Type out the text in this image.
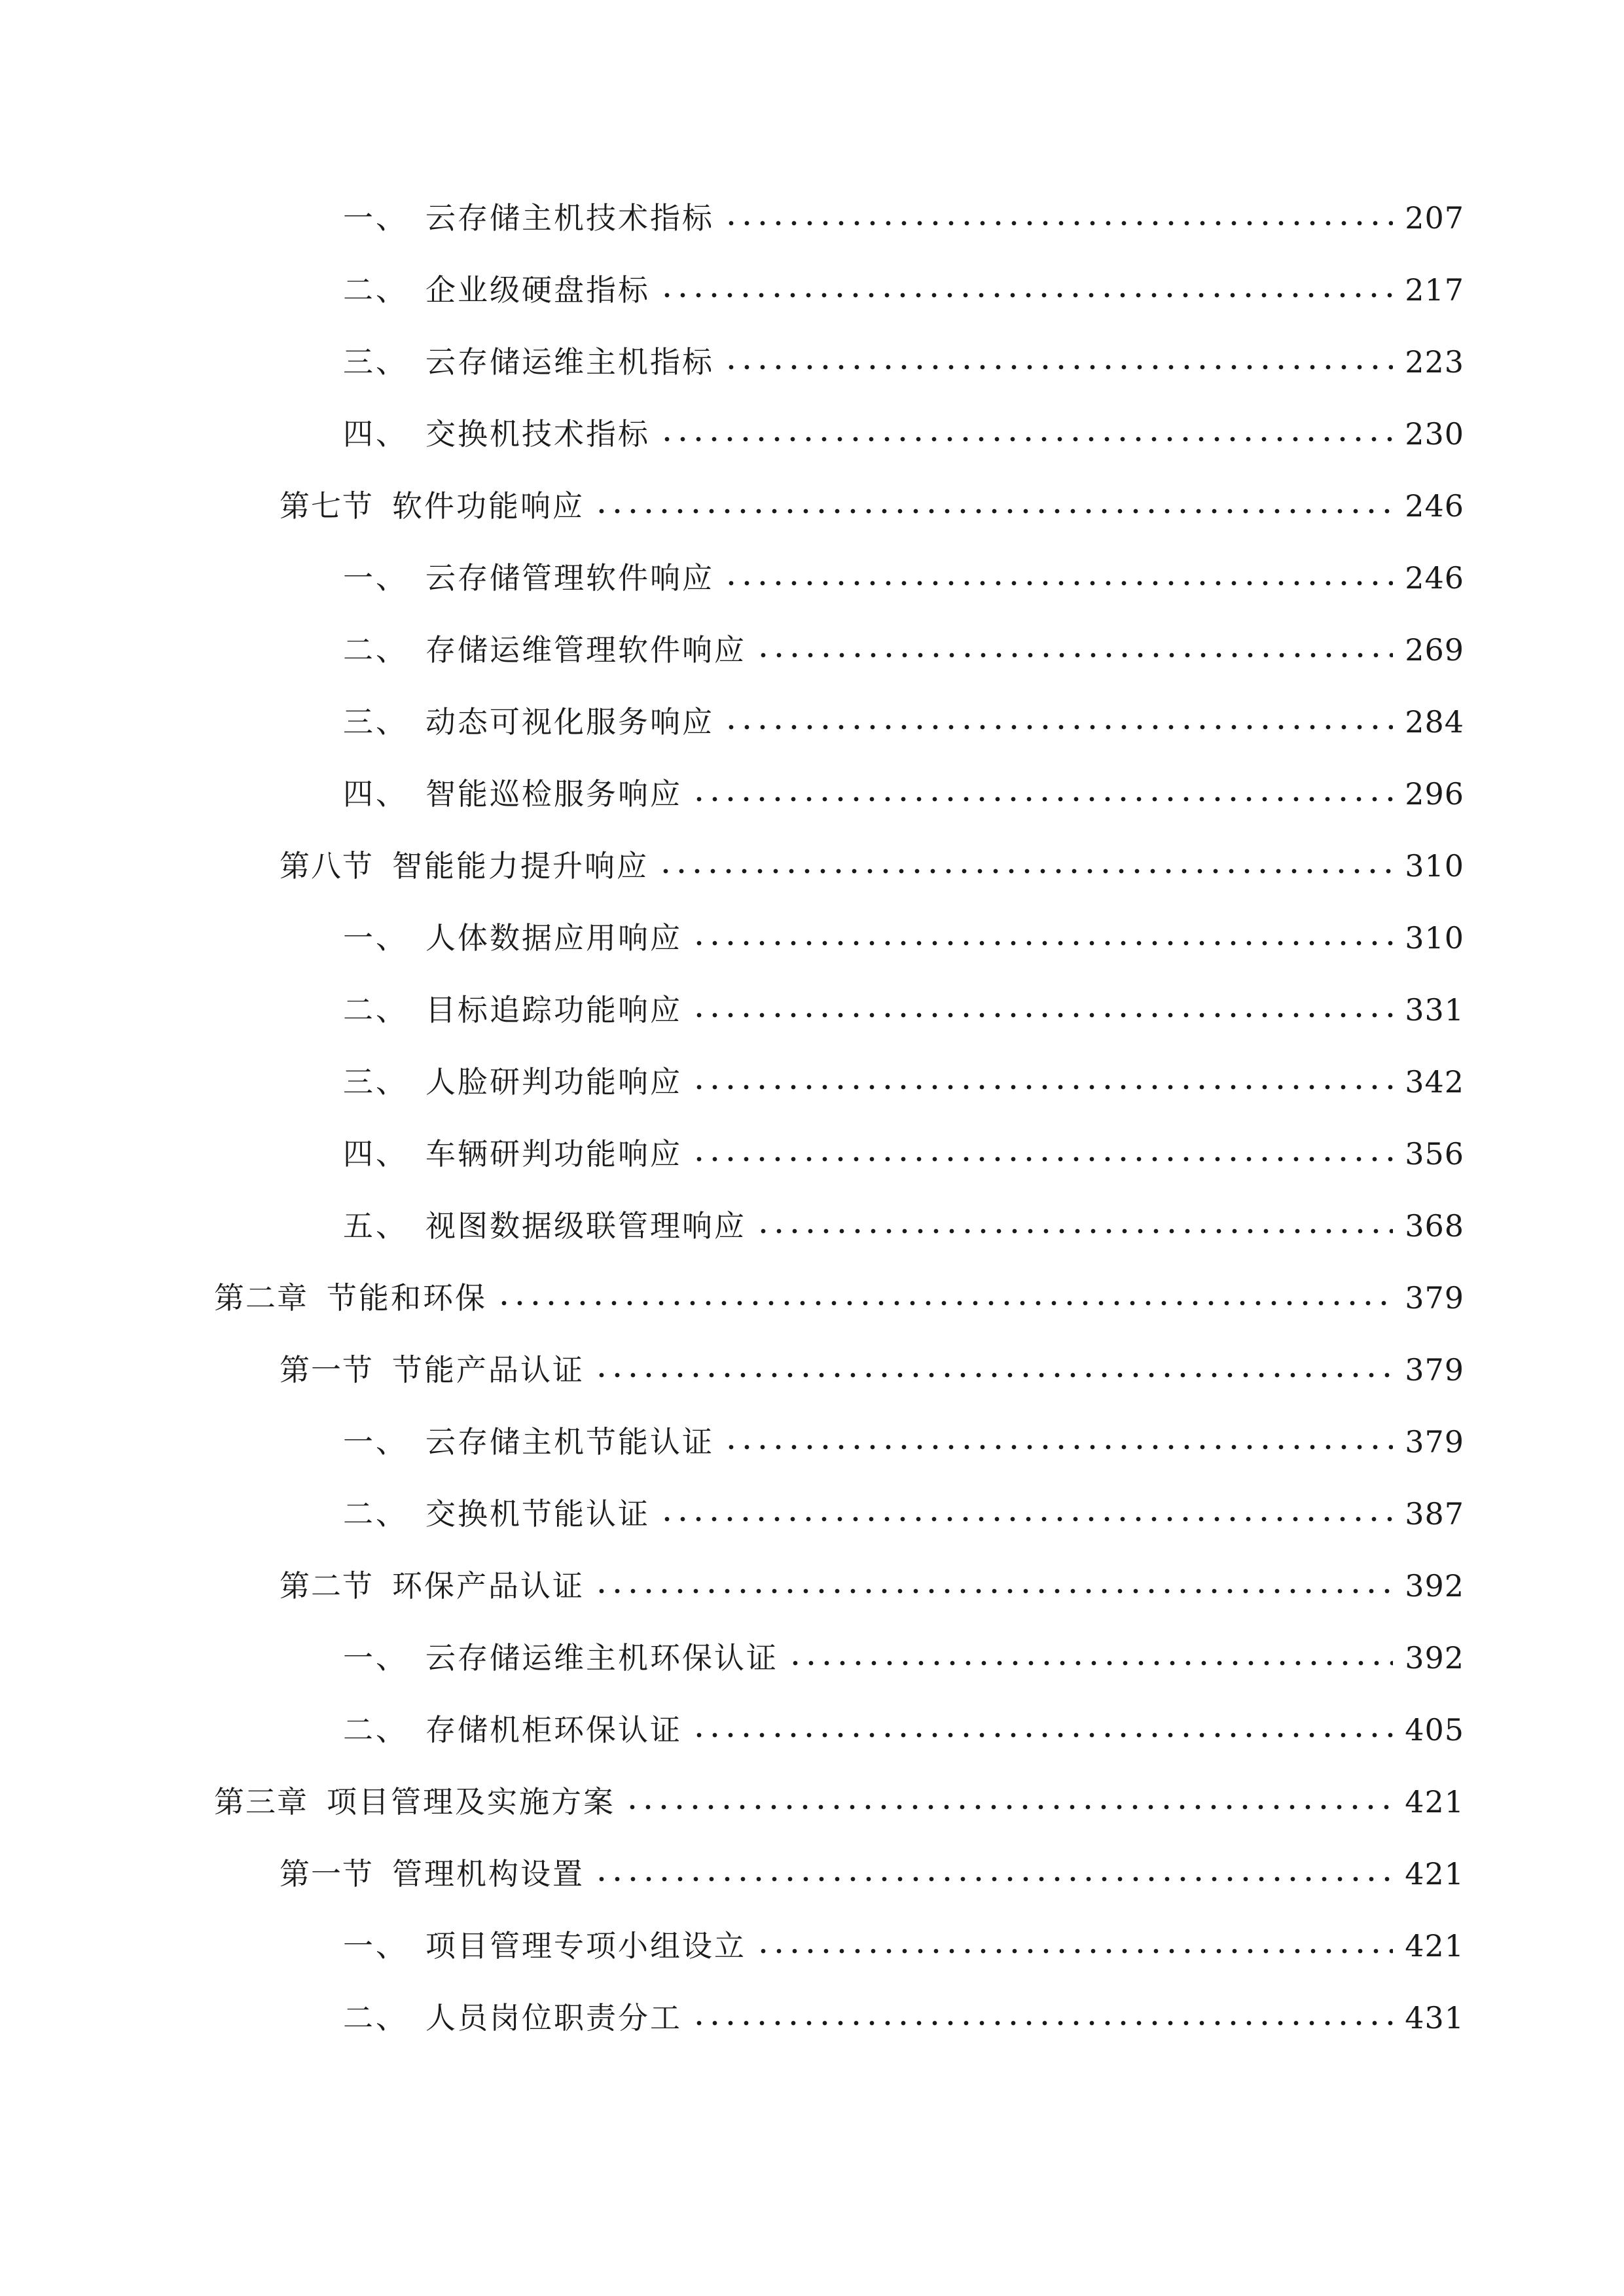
一、 云存储主机技术指标	207
二、 企业级硬盘指标	217
三、 云存储运维主机指标	223
四、 交换机技术指标	230
第七节 软件功能响应	246
一、 云存储管理软件响应	246
二、 存储运维管理软件响应	269
三、 动态可视化服务响应	284
四、 智能巡检服务响应	296
第八节 智能能力提升响应	310
一、 人体数据应用响应	310
二、 目标追踪功能响应	331
三、 人脸研判功能响应	342
四、 车辆研判功能响应	356
五、 视图数据级联管理响应	368
第二章 节能和环保	379
第一节 节能产品认证	379
一、 云存储主机节能认证	379
二、 交换机节能认证	387
第二节 环保产品认证	392
一、 云存储运维主机环保认证	392
二、 存储机柜环保认证	405
第三章 项目管理及实施方案	421
第一节 管理机构设置	421
一、 项目管理专项小组设立	421
二、 人员岗位职责分工	431
